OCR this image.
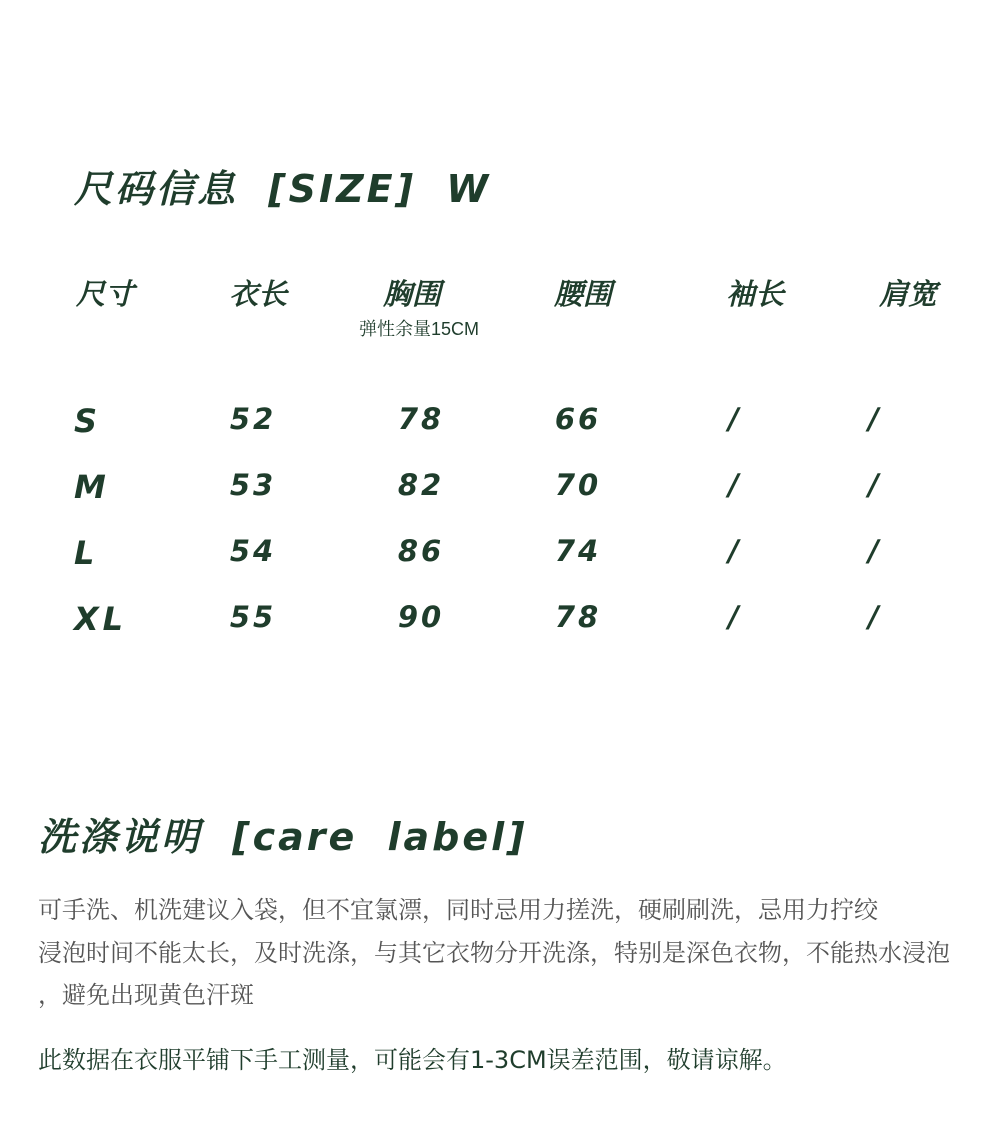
尺码信息 [SIZE] W
尺寸	衣长	胸围	腰围	袖长	肩宽
弹性余量15CM
S	52	78	66	/	/
M	53	82	70	/	/
L	54	86	74	/	/
XL	55	90	78	/	/
洗涤说明 [care label]
可手洗、机洗建议入袋，但不宜氯漂，同时忌用力搓洗，硬刷刷洗，忌用力拧绞
浸泡时间不能太长，及时洗涤，与其它衣物分开洗涤，特别是深色衣物，不能热水浸泡
，避免出现黄色汗斑
此数据在衣服平铺下手工测量，可能会有1-3CM误差范围，敬请谅解。
